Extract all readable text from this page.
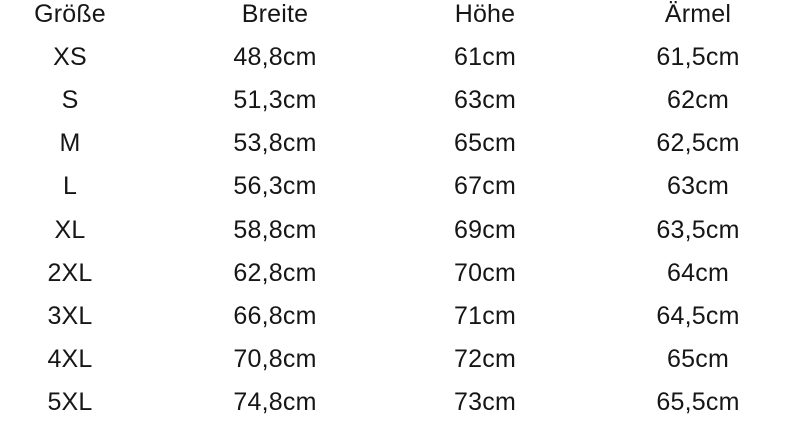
Größe	Breite	Höhe	Ärmel
XS	48,8cm	61cm	61,5cm
S	51,3cm	63cm	62cm
M	53,8cm	65cm	62,5cm
L	56,3cm	67cm	63cm
XL	58,8cm	69cm	63,5cm
2XL	62,8cm	70cm	64cm
3XL	66,8cm	71cm	64,5cm
4XL	70,8cm	72cm	65cm
5XL	74,8cm	73cm	65,5cm
